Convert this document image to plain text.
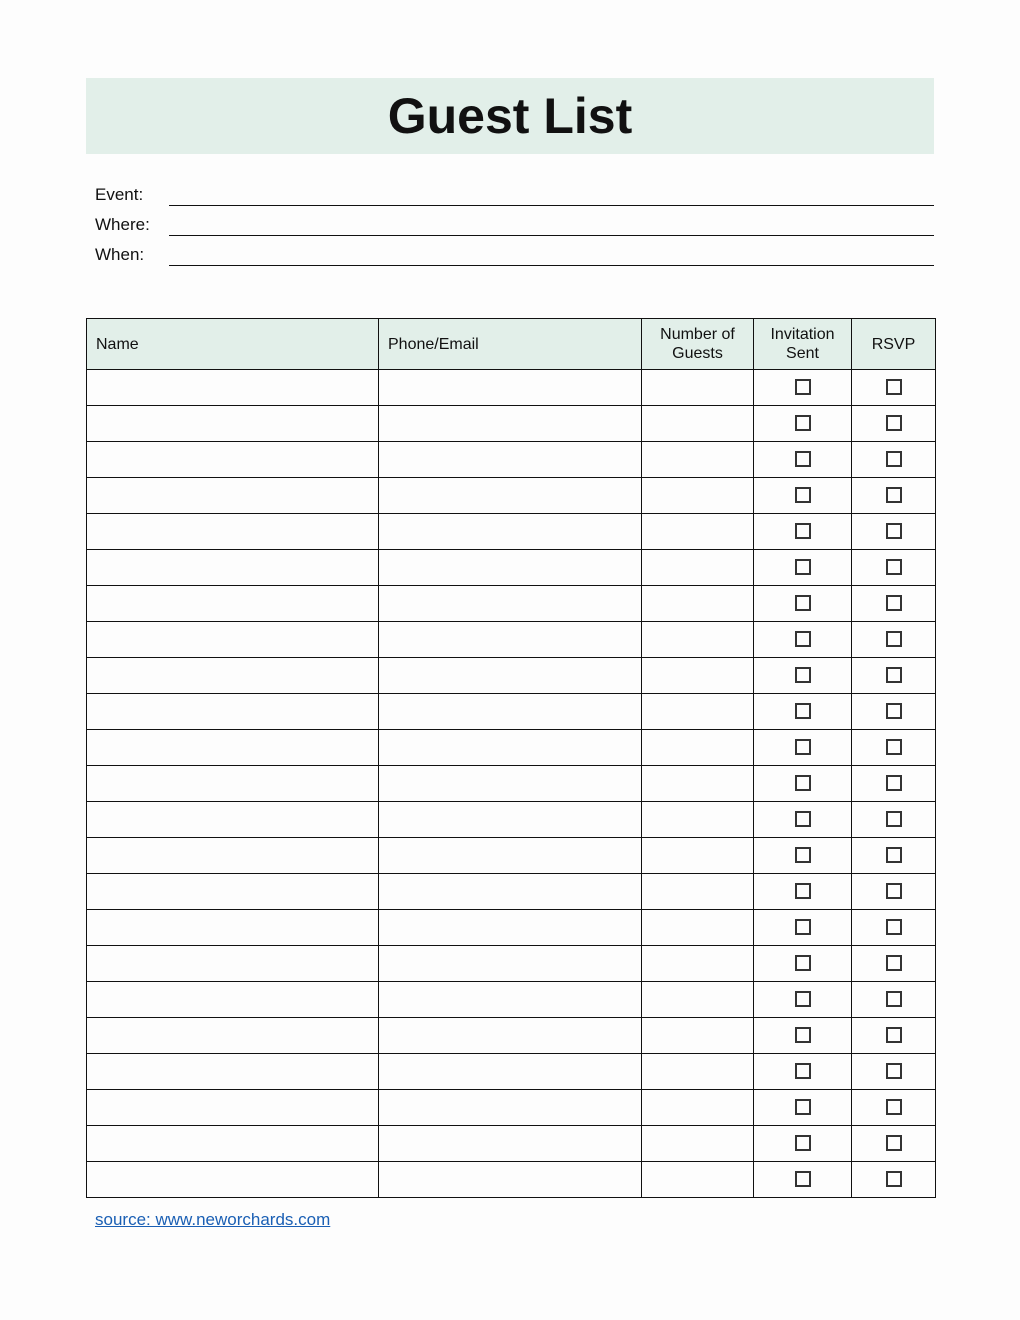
Guest List
Event:
Where:
When:
Name	Phone/Email	Number of Guests	Invitation Sent	RSVP

source: www.neworchards.com
